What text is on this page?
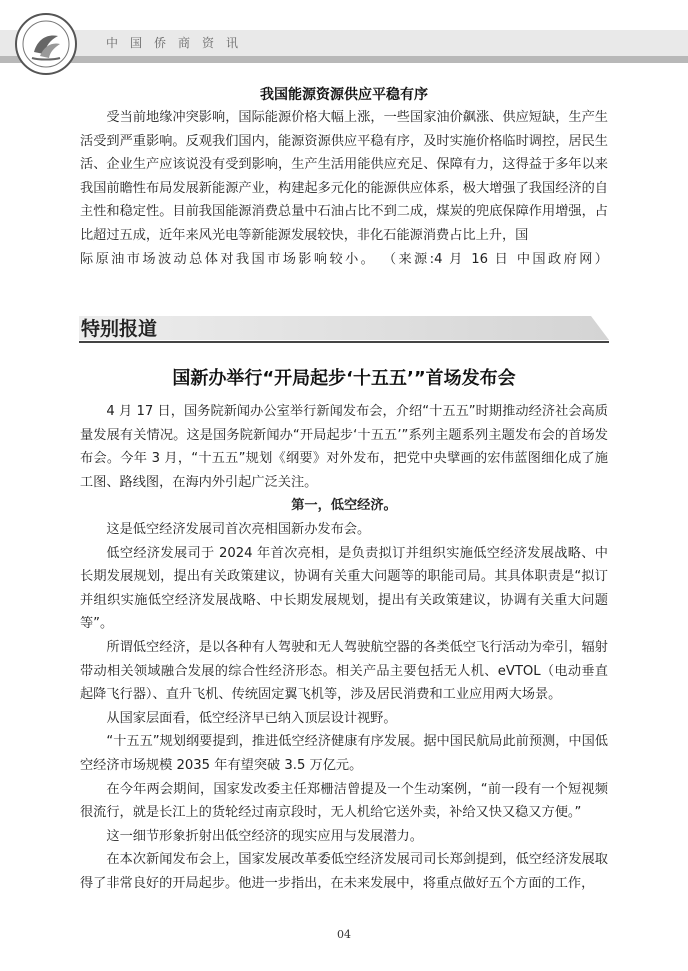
中国侨商资讯
我国能源资源供应平稳有序

受当前地缘冲突影响，国际能源价格大幅上涨，一些国家油价飙涨、供应短缺，生产生活受到严重影响。反观我们国内，能源资源供应平稳有序，及时实施价格临时调控，居民生活、企业生产应该说没有受到影响，生产生活用能供应充足、保障有力，这得益于多年以来我国前瞻性布局发展新能源产业，构建起多元化的能源供应体系，极大增强了我国经济的自主性和稳定性。目前我国能源消费总量中石油占比不到二成，煤炭的兜底保障作用增强，占比超过五成，近年来风光电等新能源发展较快，非化石能源消费占比上升，国

际原油市场波动总体对我国市场影响较小。 （来源:4 月 16 日 中国政府网）
特别报道
国新办举行“开局起步‘十五五’”首场发布会

4 月 17 日，国务院新闻办公室举行新闻发布会，介绍“十五五”时期推动经济社会高质量发展有关情况。这是国务院新闻办“开局起步‘十五五’”系列主题系列主题发布会的首场发布会。今年 3 月，“十五五”规划《纲要》对外发布，把党中央擘画的宏伟蓝图细化成了施工图、路线图，在海内外引起广泛关注。

第一，低空经济。

这是低空经济发展司首次亮相国新办发布会。

低空经济发展司于 2024 年首次亮相，是负责拟订并组织实施低空经济发展战略、中长期发展规划，提出有关政策建议，协调有关重大问题等的职能司局。其具体职责是“拟订并组织实施低空经济发展战略、中长期发展规划，提出有关政策建议，协调有关重大问题等”。

所谓低空经济，是以各种有人驾驶和无人驾驶航空器的各类低空飞行活动为牵引，辐射带动相关领域融合发展的综合性经济形态。相关产品主要包括无人机、eVTOL（电动垂直起降飞行器）、直升飞机、传统固定翼飞机等，涉及居民消费和工业应用两大场景。

从国家层面看，低空经济早已纳入顶层设计视野。

“十五五”规划纲要提到，推进低空经济健康有序发展。据中国民航局此前预测，中国低空经济市场规模 2035 年有望突破 3.5 万亿元。

在今年两会期间，国家发改委主任郑栅洁曾提及一个生动案例，“前一段有一个短视频很流行，就是长江上的货轮经过南京段时，无人机给它送外卖，补给又快又稳又方便。”

这一细节形象折射出低空经济的现实应用与发展潜力。

在本次新闻发布会上，国家发展改革委低空经济发展司司长郑剑提到，低空经济发展取得了非常良好的开局起步。他进一步指出，在未来发展中，将重点做好五个方面的工作，

04
